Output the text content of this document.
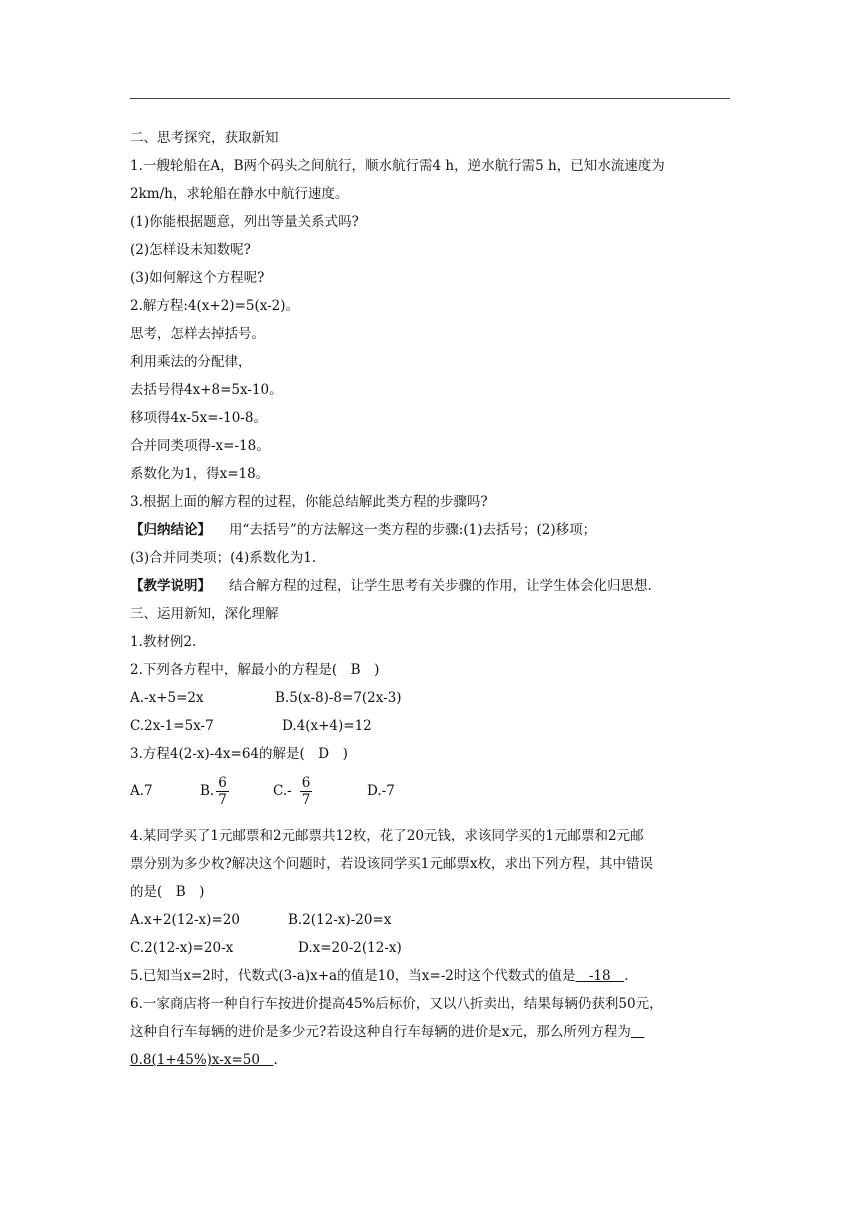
二、思考探究，获取新知
1.一艘轮船在A，B两个码头之间航行，顺水航行需4 h，逆水航行需5 h，已知水流速度为
2km/h，求轮船在静水中航行速度。
(1)你能根据题意，列出等量关系式吗?
(2)怎样设未知数呢?
(3)如何解这个方程呢?
2.解方程:4(x+2)=5(x-2)。
思考，怎样去掉括号。
利用乘法的分配律，
去括号得4x+8=5x-10。
移项得4x-5x=-10-8。
合并同类项得-x=-18。
系数化为1，得x=18。
3.根据上面的解方程的过程，你能总结解此类方程的步骤吗?
【归纳结论】 用“去括号”的方法解这一类方程的步骤:(1)去括号；(2)移项；
(3)合并同类项；(4)系数化为1.
【教学说明】 结合解方程的过程，让学生思考有关步骤的作用，让学生体会化归思想.
三、运用新知，深化理解
1.教材例2.
2.下列各方程中，解最小的方程是(　B　)
A.-x+5=2x	B.5(x-8)-8=7(2x-3)
C.2x-1=5x-7	D.4(x+4)=12
3.方程4(2-x)-4x=64的解是(　D　)
A.7	B. $\frac{6}{7}$	$C.- \frac{6}{7}$	D.-7
4.某同学买了1元邮票和2元邮票共12枚，花了20元钱，求该同学买的1元邮票和2元邮
票分别为多少枚?解决这个问题时，若设该同学买1元邮票x枚，求出下列方程，其中错误
的是(　B　)
A.x+2(12-x)=20	B.2(12-x)-20=x
C.2(12-x)=20-x	D.x=20-2(12-x)
5.已知当x=2时，代数式(3-a)x+a的值是10，当x=-2时这个代数式的值是　-18　.
6.一家商店将一种自行车按进价提高45%后标价，又以八折卖出，结果每辆仍获利50元，
这种自行车每辆的进价是多少元?若设这种自行车每辆的进价是x元，那么所列方程为　
0.8(1+45%)x-x=50　.
